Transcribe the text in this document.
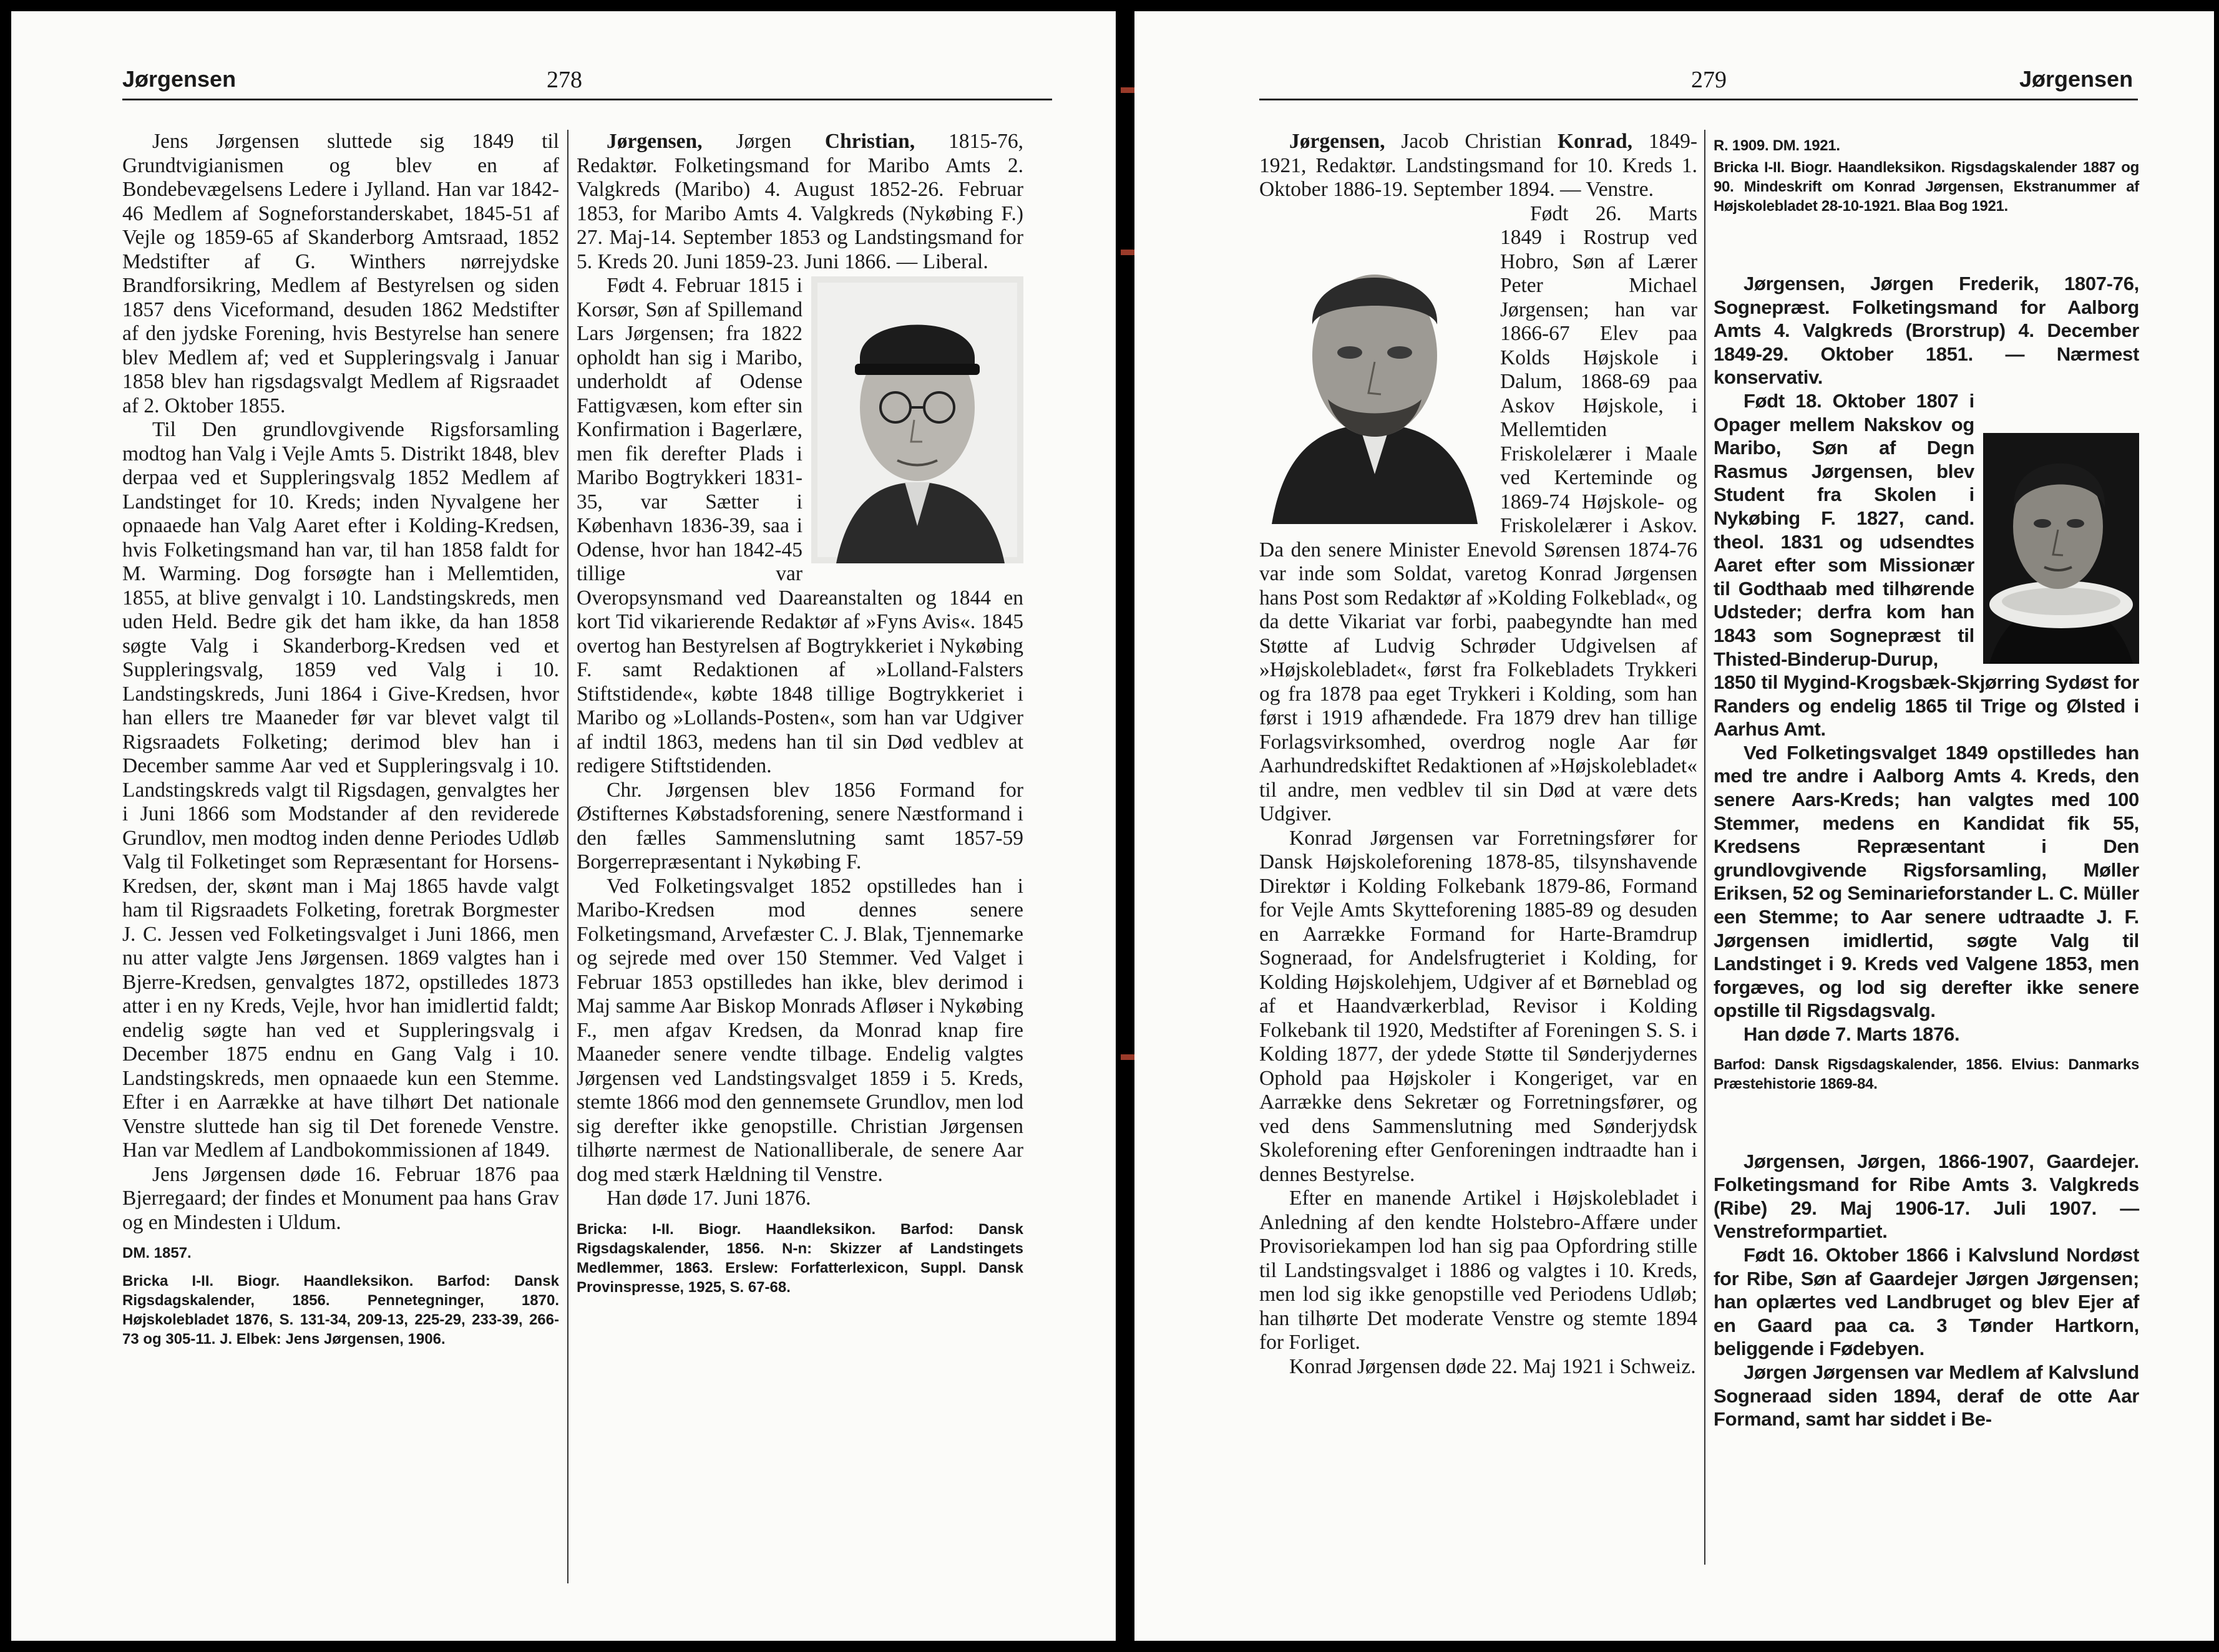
Jørgensen	278

Jens Jørgensen sluttede sig 1849 til Grundtvigianismen og blev en af Bondebevægelsens Ledere i Jylland. Han var 1842-46 Medlem af Sogneforstanderskabet, 1845-51 af Vejle og 1859-65 af Skanderborg Amtsraad, 1852 Medstifter af G. Winthers nørrejydske Brandforsikring, Medlem af Bestyrelsen og siden 1857 dens Viceformand, desuden 1862 Medstifter af den jydske Forening, hvis Bestyrelse han senere blev Medlem af; ved et Suppleringsvalg i Januar 1858 blev han rigsdagsvalgt Medlem af Rigsraadet af 2. Oktober 1855.

Til Den grundlovgivende Rigsforsamling modtog han Valg i Vejle Amts 5. Distrikt 1848, blev derpaa ved et Suppleringsvalg 1852 Medlem af Landstinget for 10. Kreds; inden Nyvalgene her opnaaede han Valg Aaret efter i Kolding-Kredsen, hvis Folketingsmand han var, til han 1858 faldt for M. Warming. Dog forsøgte han i Mellemtiden, 1855, at blive genvalgt i 10. Landstingskreds, men uden Held. Bedre gik det ham ikke, da han 1858 søgte Valg i Skanderborg-Kredsen ved et Suppleringsvalg, 1859 ved Valg i 10. Landstingskreds, Juni 1864 i Give-Kredsen, hvor han ellers tre Maaneder før var blevet valgt til Rigsraadets Folketing; derimod blev han i December samme Aar ved et Suppleringsvalg i 10. Landstingskreds valgt til Rigsdagen, genvalgtes her i Juni 1866 som Modstander af den reviderede Grundlov, men modtog inden denne Periodes Udløb Valg til Folketinget som Repræsentant for Horsens-Kredsen, der, skønt man i Maj 1865 havde valgt ham til Rigsraadets Folketing, foretrak Borgmester J. C. Jessen ved Folketingsvalget i Juni 1866, men nu atter valgte Jens Jørgensen. 1869 valgtes han i Bjerre-Kredsen, genvalgtes 1872, opstilledes 1873 atter i en ny Kreds, Vejle, hvor han imidlertid faldt; endelig søgte han ved et Suppleringsvalg i December 1875 endnu en Gang Valg i 10. Landstingskreds, men opnaaede kun een Stemme. Efter i en Aarrække at have tilhørt Det nationale Venstre sluttede han sig til Det forenede Venstre. Han var Medlem af Landbokommissionen af 1849.

Jens Jørgensen døde 16. Februar 1876 paa Bjerregaard; der findes et Monument paa hans Grav og en Mindesten i Uldum.

DM. 1857.

Bricka I-II. Biogr. Haandleksikon. Barfod: Dansk Rigsdagskalender, 1856. Pennetegninger, 1870. Højskolebladet 1876, S. 131-34, 209-13, 225-29, 233-39, 266-73 og 305-11. J. Elbek: Jens Jørgensen, 1906.

Jørgensen, Jørgen Christian, 1815-76, Redaktør. Folketingsmand for Maribo Amts 2. Valgkreds (Maribo) 4. August 1852-26. Februar 1853, for Maribo Amts 4. Valgkreds (Nykøbing F.) 27. Maj-14. September 1853 og Landstingsmand for 5. Kreds 20. Juni 1859-23. Juni 1866. — Liberal.

Født 4. Februar 1815 i Korsør, Søn af Spillemand Lars Jørgensen; fra 1822 opholdt han sig i Maribo, underholdt af Odense Fattigvæsen, kom efter sin Konfirmation i Bagerlære, men fik derefter Plads i Maribo Bogtrykkeri 1831-35, var Sætter i København 1836-39, saa i Odense, hvor han 1842-45 tillige var Overopsynsmand ved Daareanstalten og 1844 en kort Tid vikarierende Redaktør af »Fyns Avis«. 1845 overtog han Bestyrelsen af Bogtrykkeriet i Nykøbing F. samt Redaktionen af »Lolland-Falsters Stiftstidende«, købte 1848 tillige Bogtrykkeriet i Maribo og »Lollands-Posten«, som han var Udgiver af indtil 1863, medens han til sin Død vedblev at redigere Stiftstidenden.

Chr. Jørgensen blev 1856 Formand for Østifternes Købstadsforening, senere Næstformand i den fælles Sammenslutning samt 1857-59 Borgerrepræsentant i Nykøbing F.

Ved Folketingsvalget 1852 opstilledes han i Maribo-Kredsen mod dennes senere Folketingsmand, Arvefæster C. J. Blak, Tjennemarke og sejrede med over 150 Stemmer. Ved Valget i Februar 1853 opstilledes han ikke, blev derimod i Maj samme Aar Biskop Monrads Afløser i Nykøbing F., men afgav Kredsen, da Monrad knap fire Maaneder senere vendte tilbage. Endelig valgtes Jørgensen ved Landstingsvalget 1859 i 5. Kreds, stemte 1866 mod den gennemsete Grundlov, men lod sig derefter ikke genopstille. Christian Jørgensen tilhørte nærmest de Nationalliberale, de senere Aar dog med stærk Hældning til Venstre.

Han døde 17. Juni 1876.

Bricka: I-II. Biogr. Haandleksikon. Barfod: Dansk Rigsdagskalender, 1856. N-n: Skizzer af Landstingets Medlemmer, 1863. Erslew: Forfatterlexicon, Suppl. Dansk Provinspresse, 1925, S. 67-68.

279	Jørgensen

Jørgensen, Jacob Christian Konrad, 1849-1921, Redaktør. Landstingsmand for 10. Kreds 1. Oktober 1886-19. September 1894. — Venstre.

Født 26. Marts 1849 i Rostrup ved Hobro, Søn af Lærer Peter Michael Jørgensen; han var 1866-67 Elev paa Kolds Højskole i Dalum, 1868-69 paa Askov Højskole, i Mellemtiden Friskolelærer i Maale ved Kerteminde og 1869-74 Højskole- og Friskolelærer i Askov. Da den senere Minister Enevold Sørensen 1874-76 var inde som Soldat, varetog Konrad Jørgensen hans Post som Redaktør af »Kolding Folkeblad«, og da dette Vikariat var forbi, paabegyndte han med Støtte af Ludvig Schrøder Udgivelsen af »Højskolebladet«, først fra Folkebladets Trykkeri og fra 1878 paa eget Trykkeri i Kolding, som han først i 1919 afhændede. Fra 1879 drev han tillige Forlagsvirksomhed, overdrog nogle Aar før Aarhundredskiftet Redaktionen af »Højskolebladet« til andre, men vedblev til sin Død at være dets Udgiver.

Konrad Jørgensen var Forretningsfører for Dansk Højskoleforening 1878-85, tilsynshavende Direktør i Kolding Folkebank 1879-86, Formand for Vejle Amts Skytteforening 1885-89 og desuden en Aarrække Formand for Harte-Bramdrup Sogneraad, for Andelsfrugteriet i Kolding, for Kolding Højskolehjem, Udgiver af et Børneblad og af et Haandværkerblad, Revisor i Kolding Folkebank til 1920, Medstifter af Foreningen S. S. i Kolding 1877, der ydede Støtte til Sønderjydernes Ophold paa Højskoler i Kongeriget, var en Aarrække dens Sekretær og Forretningsfører, og ved dens Sammenslutning med Sønderjydsk Skoleforening efter Genforeningen indtraadte han i dennes Bestyrelse.

Efter en manende Artikel i Højskolebladet i Anledning af den kendte Holstebro-Affære under Provisoriekampen lod han sig paa Opfordring stille til Landstingsvalget i 1886 og valgtes i 10. Kreds, men lod sig ikke genopstille ved Periodens Udløb; han tilhørte Det moderate Venstre og stemte 1894 for Forliget.

Konrad Jørgensen døde 22. Maj 1921 i Schweiz.

R. 1909. DM. 1921.

Bricka I-II. Biogr. Haandleksikon. Rigsdagskalender 1887 og 90. Mindeskrift om Konrad Jørgensen, Ekstranummer af Højskolebladet 28-10-1921. Blaa Bog 1921.

Jørgensen, Jørgen Frederik, 1807-76, Sognepræst. Folketingsmand for Aalborg Amts 4. Valgkreds (Brorstrup) 4. December 1849-29. Oktober 1851. — Nærmest konservativ.

Født 18. Oktober 1807 i Opager mellem Nakskov og Maribo, Søn af Degn Rasmus Jørgensen, blev Student fra Skolen i Nykøbing F. 1827, cand. theol. 1831 og udsendtes Aaret efter som Missionær til Godthaab med tilhørende Udsteder; derfra kom han 1843 som Sognepræst til Thisted-Binderup-Durup, 1850 til Mygind-Krogsbæk-Skjørring Sydøst for Randers og endelig 1865 til Trige og Ølsted i Aarhus Amt.

Ved Folketingsvalget 1849 opstilledes han med tre andre i Aalborg Amts 4. Kreds, den senere Aars-Kreds; han valgtes med 100 Stemmer, medens en Kandidat fik 55, Kredsens Repræsentant i Den grundlovgivende Rigsforsamling, Møller Eriksen, 52 og Seminarieforstander L. C. Müller een Stemme; to Aar senere udtraadte J. F. Jørgensen imidlertid, søgte Valg til Landstinget i 9. Kreds ved Valgene 1853, men forgæves, og lod sig derefter ikke senere opstille til Rigsdagsvalg.

Han døde 7. Marts 1876.

Barfod: Dansk Rigsdagskalender, 1856. Elvius: Danmarks Præstehistorie 1869-84.

Jørgensen, Jørgen, 1866-1907, Gaardejer. Folketingsmand for Ribe Amts 3. Valgkreds (Ribe) 29. Maj 1906-17. Juli 1907. — Venstreformpartiet.

Født 16. Oktober 1866 i Kalvslund Nordøst for Ribe, Søn af Gaardejer Jørgen Jørgensen; han oplærtes ved Landbruget og blev Ejer af en Gaard paa ca. 3 Tønder Hartkorn, beliggende i Fødebyen.

Jørgen Jørgensen var Medlem af Kalvslund Sogneraad siden 1894, deraf de otte Aar Formand, samt har siddet i Be-
